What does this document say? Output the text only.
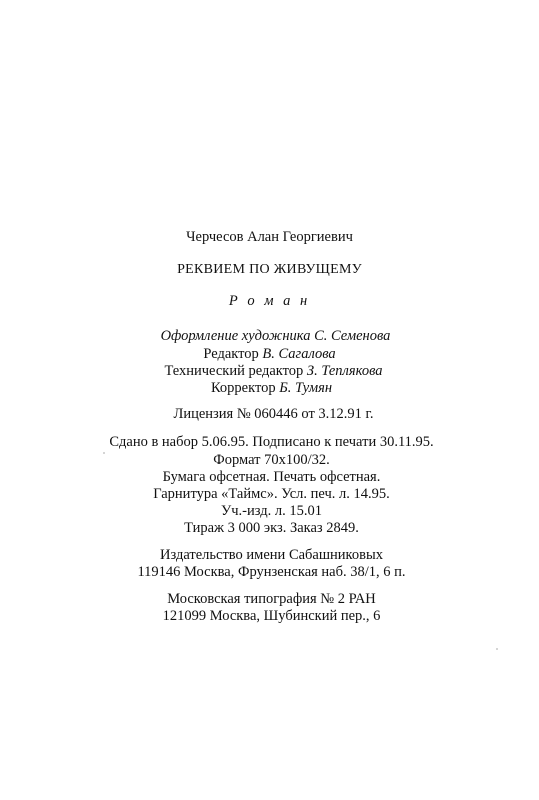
Черчесов Алан Георгиевич
РЕКВИЕМ ПО ЖИВУЩЕМУ
Р о м а н
Оформление художника С. Семенова
Редактор В. Сагалова
Технический редактор З. Теплякова
Корректор Б. Тумян
Лицензия № 060446 от 3.12.91 г.
Сдано в набор 5.06.95. Подписано к печати 30.11.95.
Формат 70x100/32.
Бумага офсетная. Печать офсетная.
Гарнитура «Таймс». Усл. печ. л. 14.95.
Уч.-изд. л. 15.01
Тираж 3 000 экз. Заказ 2849.
Издательство имени Сабашниковых
119146 Москва, Фрунзенская наб. 38/1, 6 п.
Московская типография № 2 РАН
121099 Москва, Шубинский пер., 6
